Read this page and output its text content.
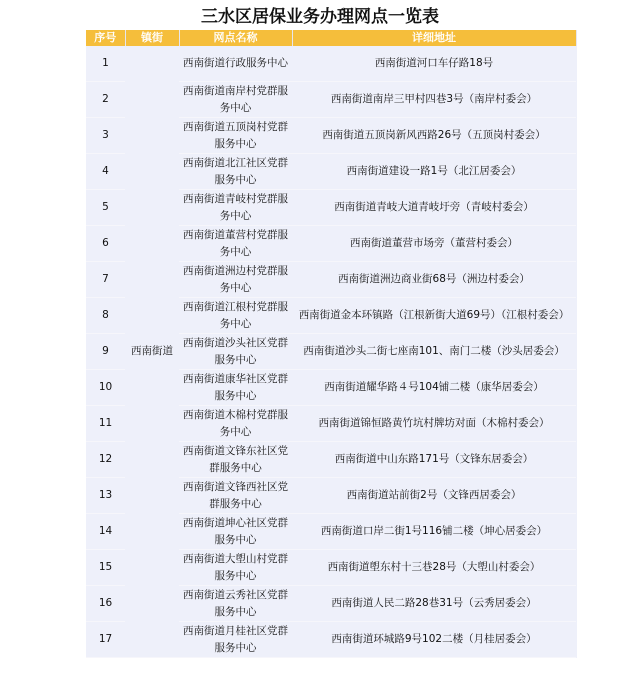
三水区居保业务办理网点一览表
序号	镇街	网点名称	详细地址
1	西南街道	西南街道行政服务中心	西南街道河口车仔路18号
2		西南街道南岸村党群服务中心	西南街道南岸三甲村四巷3号（南岸村委会）
3		西南街道五顶岗村党群服务中心	西南街道五顶岗新风西路26号（五顶岗村委会）
4		西南街道北江社区党群服务中心	西南街道建设一路1号（北江居委会）
5		西南街道青岐村党群服务中心	西南街道青岐大道青岐圩旁（青岐村委会）
6		西南街道董营村党群服务中心	西南街道董营市场旁（董营村委会）
7		西南街道洲边村党群服务中心	西南街道洲边商业街68号（洲边村委会）
8		西南街道江根村党群服务中心	西南街道金本环镇路（江根新街大道69号）（江根村委会）
9		西南街道沙头社区党群服务中心	西南街道沙头二街七座南101、南门二楼（沙头居委会）
10		西南街道康华社区党群服务中心	西南街道耀华路４号104铺二楼（康华居委会）
11		西南街道木棉村党群服务中心	西南街道锦恒路黄竹坑村牌坊对面（木棉村委会）
12		西南街道文锋东社区党群服务中心	西南街道中山东路171号（文锋东居委会）
13		西南街道文锋西社区党群服务中心	西南街道站前街2号（文锋西居委会）
14		西南街道坤心社区党群服务中心	西南街道口岸二街1号116铺二楼（坤心居委会）
15		西南街道大塱山村党群服务中心	西南街道塱东村十三巷28号（大塱山村委会）
16		西南街道云秀社区党群服务中心	西南街道人民二路28巷31号（云秀居委会）
17		西南街道月桂社区党群服务中心	西南街道环城路9号102二楼（月桂居委会）
